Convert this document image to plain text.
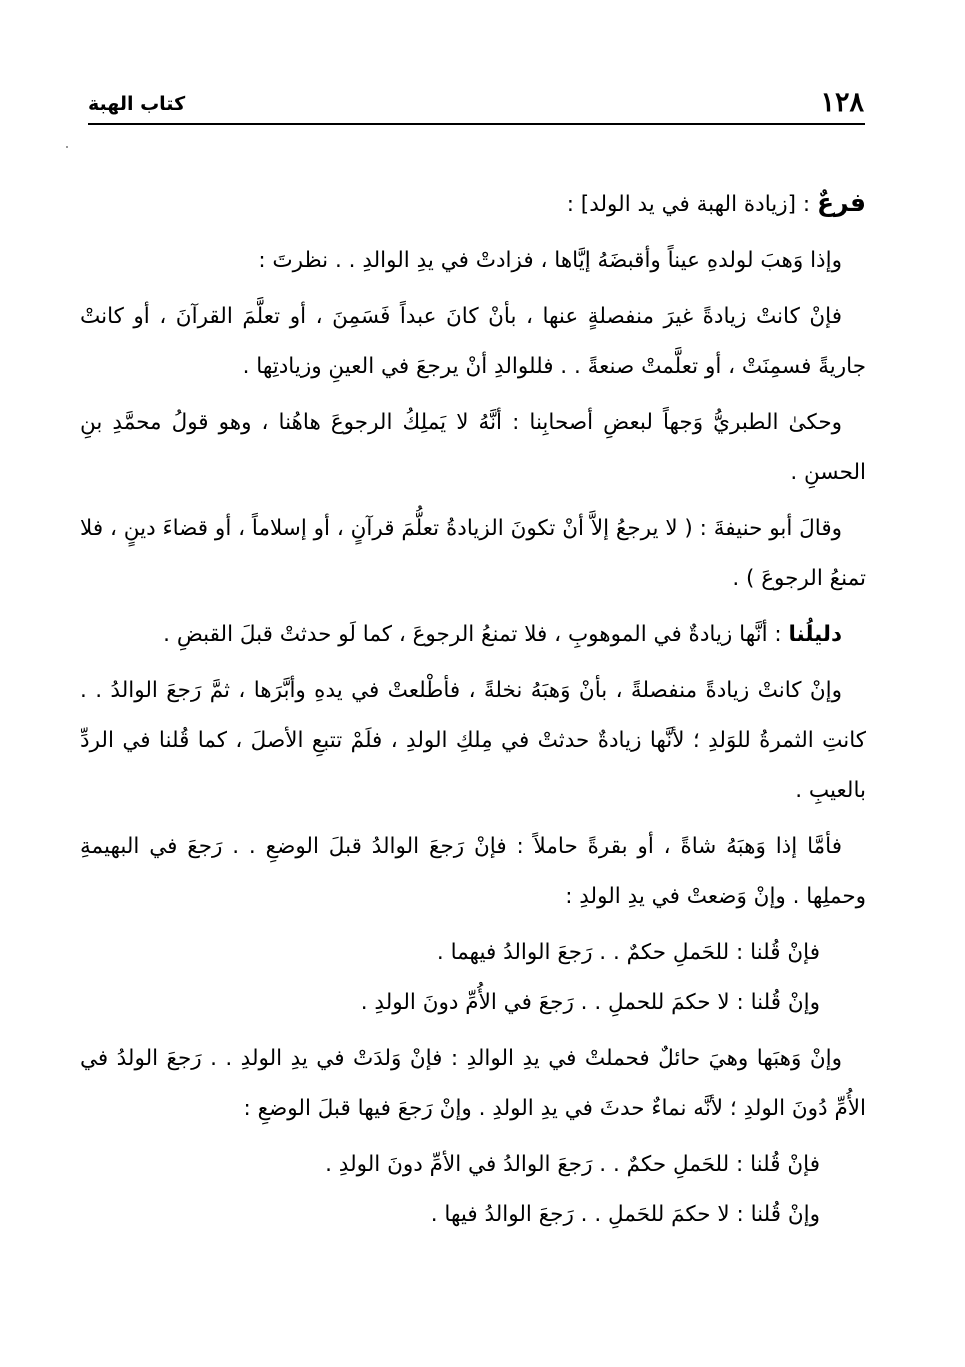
١٢٨
كتاب الهبة

فرعٌ : [زيادة الهبة في يد الولد] :

وإذا وَهبَ لولدهِ عيناً وأقبضَهُ إيَّاها ، فزادتْ في يدِ الوالدِ . . نظرتَ :

فإنْ كانتْ زيادةً غيرَ منفصلةٍ عنها ، بأنْ كانَ عبداً فَسَمِنَ ، أو تعلَّمَ القرآنَ ، أو كانتْ جاريةً فسمِنَتْ ، أو تعلَّمتْ صنعةً . . فللوالدِ أنْ يرجعَ في العينِ وزيادتِها .

وحكىٰ الطبريُّ وَجهاً لبعضِ أصحابِنا : أنَّهُ لا يَملِكُ الرجوعَ هاهُنا ، وهو قولُ محمَّدِ بنِ الحسنِ .

وقالَ أبو حنيفةَ : ( لا يرجعُ إلاَّ أنْ تكونَ الزيادةُ تعلُّمَ قرآنٍ ، أو إسلاماً ، أو قضاءَ دينٍ ، فلا تمنعُ الرجوعَ ) .

دليلُنا : أنَّها زيادةٌ في الموهوبِ ، فلا تمنعُ الرجوعَ ، كما لَو حدثتْ قبلَ القبضِ .

وإنْ كانتْ زيادةً منفصلةً ، بأنْ وَهبَهُ نخلةً ، فأطْلعتْ في يدهِ وأبَّرَها ، ثمَّ رَجعَ الوالدُ . . كانتِ الثمرةُ للوَلدِ ؛ لأنَّها زيادةٌ حدثتْ في مِلكِ الولدِ ، فلَمْ تتبعِ الأصلَ ، كما قُلنا في الردِّ بالعيبِ .

فأمَّا إذا وَهبَهُ شاةً ، أو بقرةً حاملاً : فإنْ رَجعَ الوالدُ قبلَ الوضعِ . . رَجعَ في البهيمةِ وحملِها . وإنْ وَضعتْ في يدِ الولدِ :

فإنْ قُلنا : للحَملِ حكمٌ . . رَجعَ الوالدُ فيهما .

وإنْ قُلنا : لا حكمَ للحملِ . . رَجعَ في الأُمِّ دونَ الولدِ .

وإنْ وَهبَها وهيَ حائلٌ فحملتْ في يدِ الوالدِ : فإنْ وَلدَتْ في يدِ الولدِ . . رَجعَ الولدُ في الأُمِّ دُونَ الولدِ ؛ لأنَّه نماءٌ حدثَ في يدِ الولدِ . وإنْ رَجعَ فيها قبلَ الوضعِ :

فإنْ قُلنا : للحَملِ حكمٌ . . رَجعَ الوالدُ في الأمِّ دونَ الولدِ .

وإنْ قُلنا : لا حكمَ للحَملِ . . رَجعَ الوالدُ فيها .
